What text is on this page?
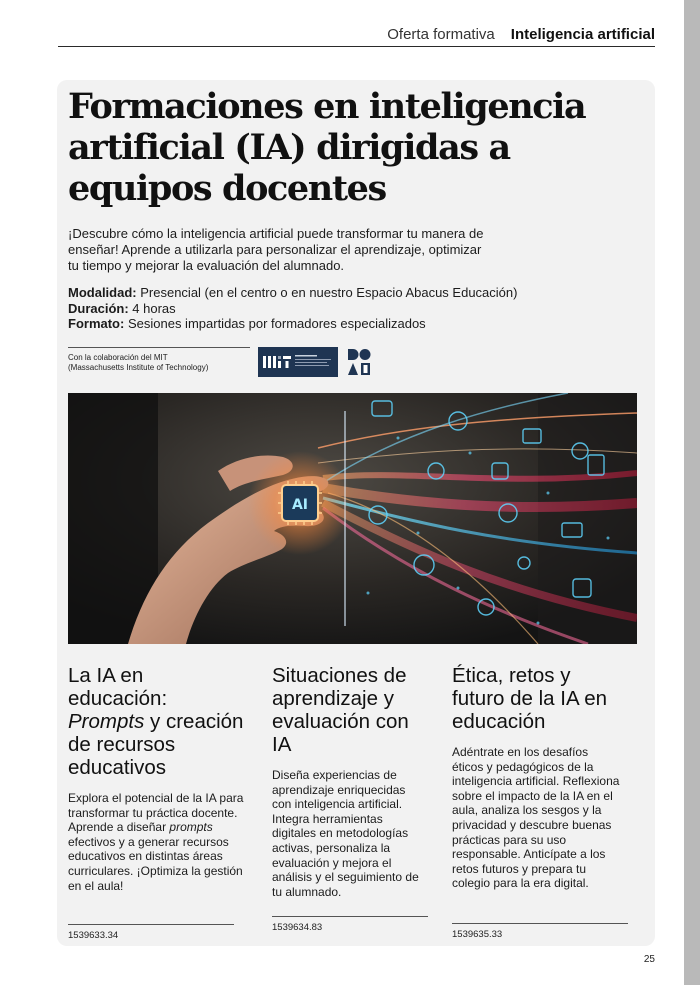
Oferta formativa Inteligencia artificial
Formaciones en inteligencia artificial (IA) dirigidas a equipos docentes

¡Descubre cómo la inteligencia artificial puede transformar tu manera de enseñar! Aprende a utilizarla para personalizar el aprendizaje, optimizar tu tiempo y mejorar la evaluación del alumnado.

Modalidad: Presencial (en el centro o en nuestro Espacio Abacus Educación)
Duración: 4 horas
Formato: Sesiones impartidas por formadores especializados
Con la colaboración del MIT
(Massachusetts Institute of Technology)
AI
La IA en educación: Prompts y creación de recursos educativos

Explora el potencial de la IA para transformar tu práctica docente. Aprende a diseñar prompts efectivos y a generar recursos educativos en distintas áreas curriculares. ¡Optimiza la gestión en el aula!

Situaciones de aprendizaje y evaluación con IA

Diseña experiencias de aprendizaje enriquecidas con inteligencia artificial. Integra herramientas digitales en metodologías activas, personaliza la evaluación y mejora el análisis y el seguimiento de tu alumnado.

Ética, retos y futuro de la IA en educación

Adéntrate en los desafíos éticos y pedagógicos de la inteligencia artificial. Reflexiona sobre el impacto de la IA en el aula, analiza los sesgos y la privacidad y descubre buenas prácticas para su uso responsable. Anticípate a los retos futuros y prepara tu colegio para la era digital.

1539633.34
1539634.83
1539635.33
25
